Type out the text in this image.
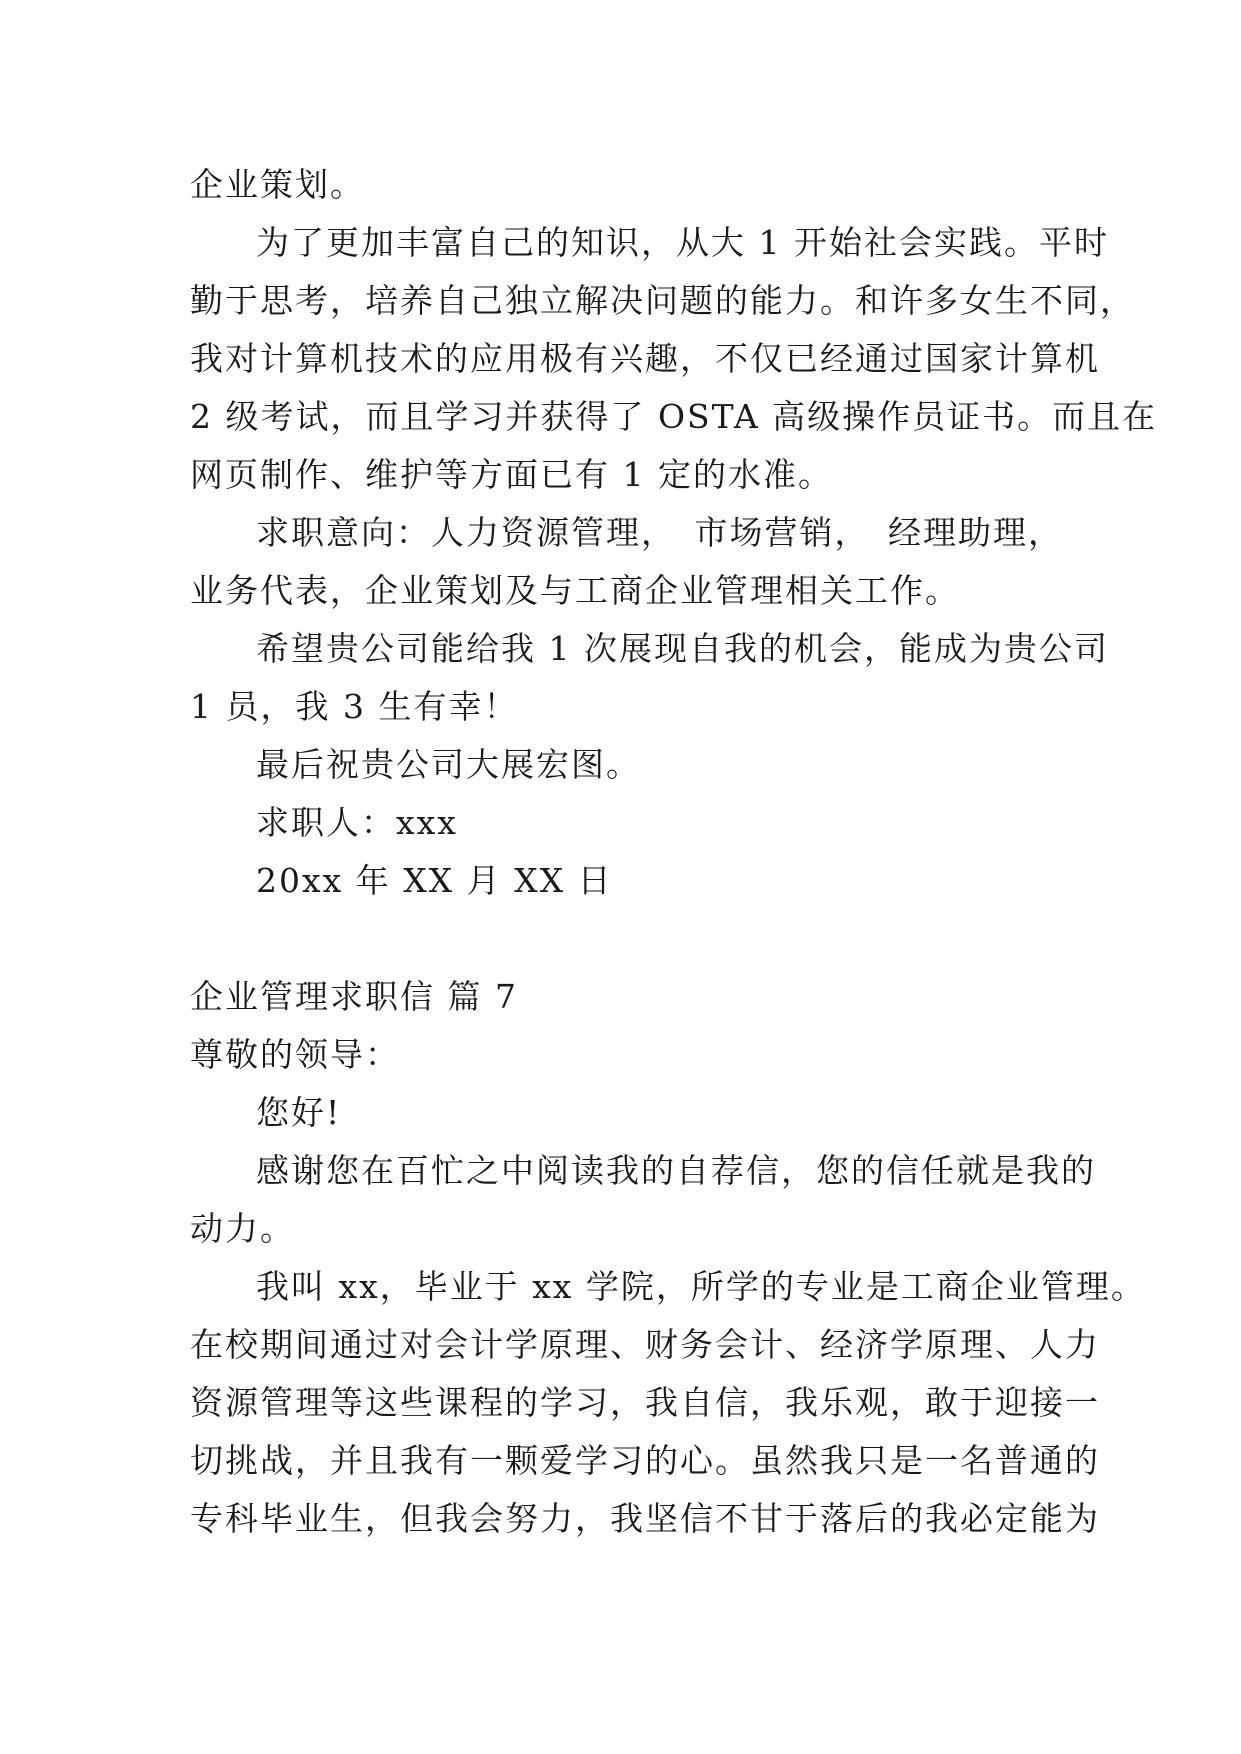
企业策划。
为了更加丰富自己的知识，从大 1 开始社会实践。平时
勤于思考，培养自己独立解决问题的能力。和许多女生不同，
我对计算机技术的应用极有兴趣，不仅已经通过国家计算机
2 级考试，而且学习并获得了 OSTA 高级操作员证书。而且在
网页制作、维护等方面已有 1 定的水准。
求职意向：人力资源管理，　市场营销，　经理助理，
业务代表，企业策划及与工商企业管理相关工作。
希望贵公司能给我 1 次展现自我的机会，能成为贵公司
1 员，我 3 生有幸！
最后祝贵公司大展宏图。
求职人：xxx
20xx 年 XX 月 XX 日
企业管理求职信 篇 7
尊敬的领导：
您好!
感谢您在百忙之中阅读我的自荐信，您的信任就是我的
动力。
我叫 xx，毕业于 xx 学院，所学的专业是工商企业管理。
在校期间通过对会计学原理、财务会计、经济学原理、人力
资源管理等这些课程的学习，我自信，我乐观，敢于迎接一
切挑战，并且我有一颗爱学习的心。虽然我只是一名普通的
专科毕业生，但我会努力，我坚信不甘于落后的我必定能为
